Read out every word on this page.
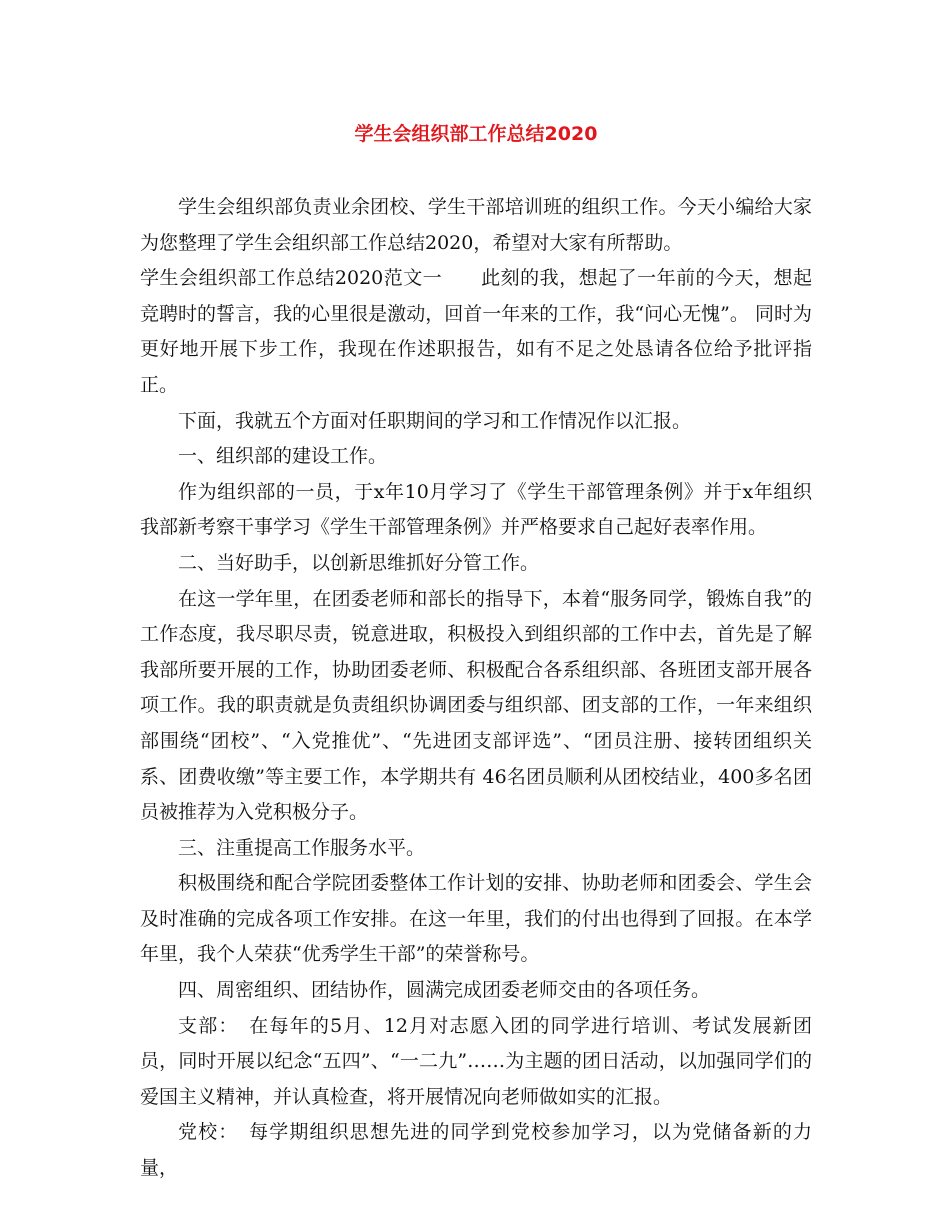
学生会组织部工作总结2020

学生会组织部负责业余团校、学生干部培训班的组织工作。今天小编给大家为您整理了学生会组织部工作总结2020，希望对大家有所帮助。

学生会组织部工作总结2020范文一　　此刻的我，想起了一年前的今天，想起竞聘时的誓言，我的心里很是激动，回首一年来的工作，我“问心无愧”。 同时为更好地开展下步工作，我现在作述职报告，如有不足之处恳请各位给予批评指正。

下面，我就五个方面对任职期间的学习和工作情况作以汇报。

一、组织部的建设工作。

作为组织部的一员，于x年10月学习了《学生干部管理条例》并于x年组织我部新考察干事学习《学生干部管理条例》并严格要求自己起好表率作用。

二、当好助手，以创新思维抓好分管工作。

在这一学年里，在团委老师和部长的指导下，本着“服务同学，锻炼自我”的工作态度，我尽职尽责，锐意进取，积极投入到组织部的工作中去，首先是了解我部所要开展的工作，协助团委老师、积极配合各系组织部、各班团支部开展各项工作。我的职责就是负责组织协调团委与组织部、团支部的工作，一年来组织部围绕“团校”、“入党推优”、“先进团支部评选”、“团员注册、接转团组织关系、团费收缴”等主要工作，本学期共有 46名团员顺利从团校结业，400多名团员被推荐为入党积极分子。

三、注重提高工作服务水平。

积极围绕和配合学院团委整体工作计划的安排、协助老师和团委会、学生会及时准确的完成各项工作安排。在这一年里，我们的付出也得到了回报。在本学年里，我个人荣获“优秀学生干部”的荣誉称号。

四、周密组织、团结协作，圆满完成团委老师交由的各项任务。

支部：　在每年的5月、12月对志愿入团的同学进行培训、考试发展新团员，同时开展以纪念“五四”、“一二九”……为主题的团日活动，以加强同学们的爱国主义精神，并认真检查，将开展情况向老师做如实的汇报。

党校：　每学期组织思想先进的同学到党校参加学习，以为党储备新的力量，
